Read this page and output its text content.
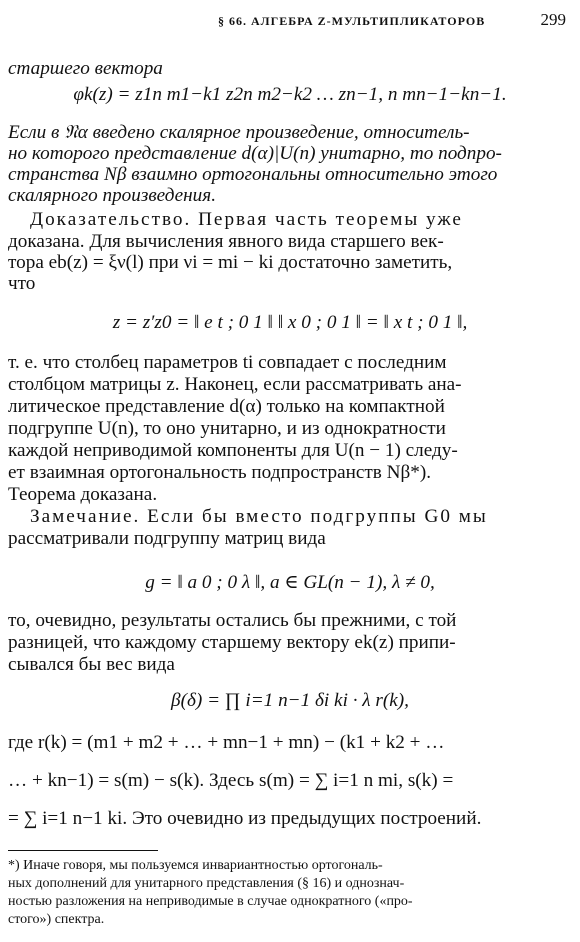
§ 66. АЛГЕБРА Z-МУЛЬТИПЛИКАТОРОВ	299
старшего вектора
φk(z) = z1n m1−k1 z2n m2−k2 … zn−1, n mn−1−kn−1.
Если в 𝔑α введено скалярное произведение, относитель-
но которого представление d(α)|U(n) унитарно, то подпро-
странства Nβ взаимно ортогональны относительно этого
скалярного произведения.
Доказательство. Первая часть теоремы уже
доказана. Для вычисления явного вида старшего век-
тора eb(z) = ξν(l) при νi = mi − ki достаточно заметить,
что
z = z′z0 = ‖ e t ; 0 1 ‖ ‖ x 0 ; 0 1 ‖ = ‖ x t ; 0 1 ‖,
т. е. что столбец параметров ti совпадает с последним
столбцом матрицы z. Наконец, если рассматривать ана-
литическое представление d(α) только на компактной
подгруппе U(n), то оно унитарно, и из однократности
каждой неприводимой компоненты для U(n − 1) следу-
ет взаимная ортогональность подпространств Nβ*).
Теорема доказана.
Замечание. Если бы вместо подгруппы G0 мы
рассматривали подгруппу матриц вида
g = ‖ a 0 ; 0 λ ‖, a ∈ GL(n − 1), λ ≠ 0,
то, очевидно, результаты остались бы прежними, с той
разницей, что каждому старшему вектору ek(z) припи-
сывался бы вес вида
β(δ) = ∏ i=1 n−1 δi ki · λ r(k),
где r(k) = (m1 + m2 + … + mn−1 + mn) − (k1 + k2 + …
… + kn−1) = s(m) − s(k). Здесь s(m) = ∑ i=1 n mi, s(k) =
= ∑ i=1 n−1 ki. Это очевидно из предыдущих построений.
*) Иначе говоря, мы пользуемся инвариантностью ортогональ-
ных дополнений для унитарного представления (§ 16) и однознач-
ностью разложения на неприводимые в случае однократного («про-
стого») спектра.
